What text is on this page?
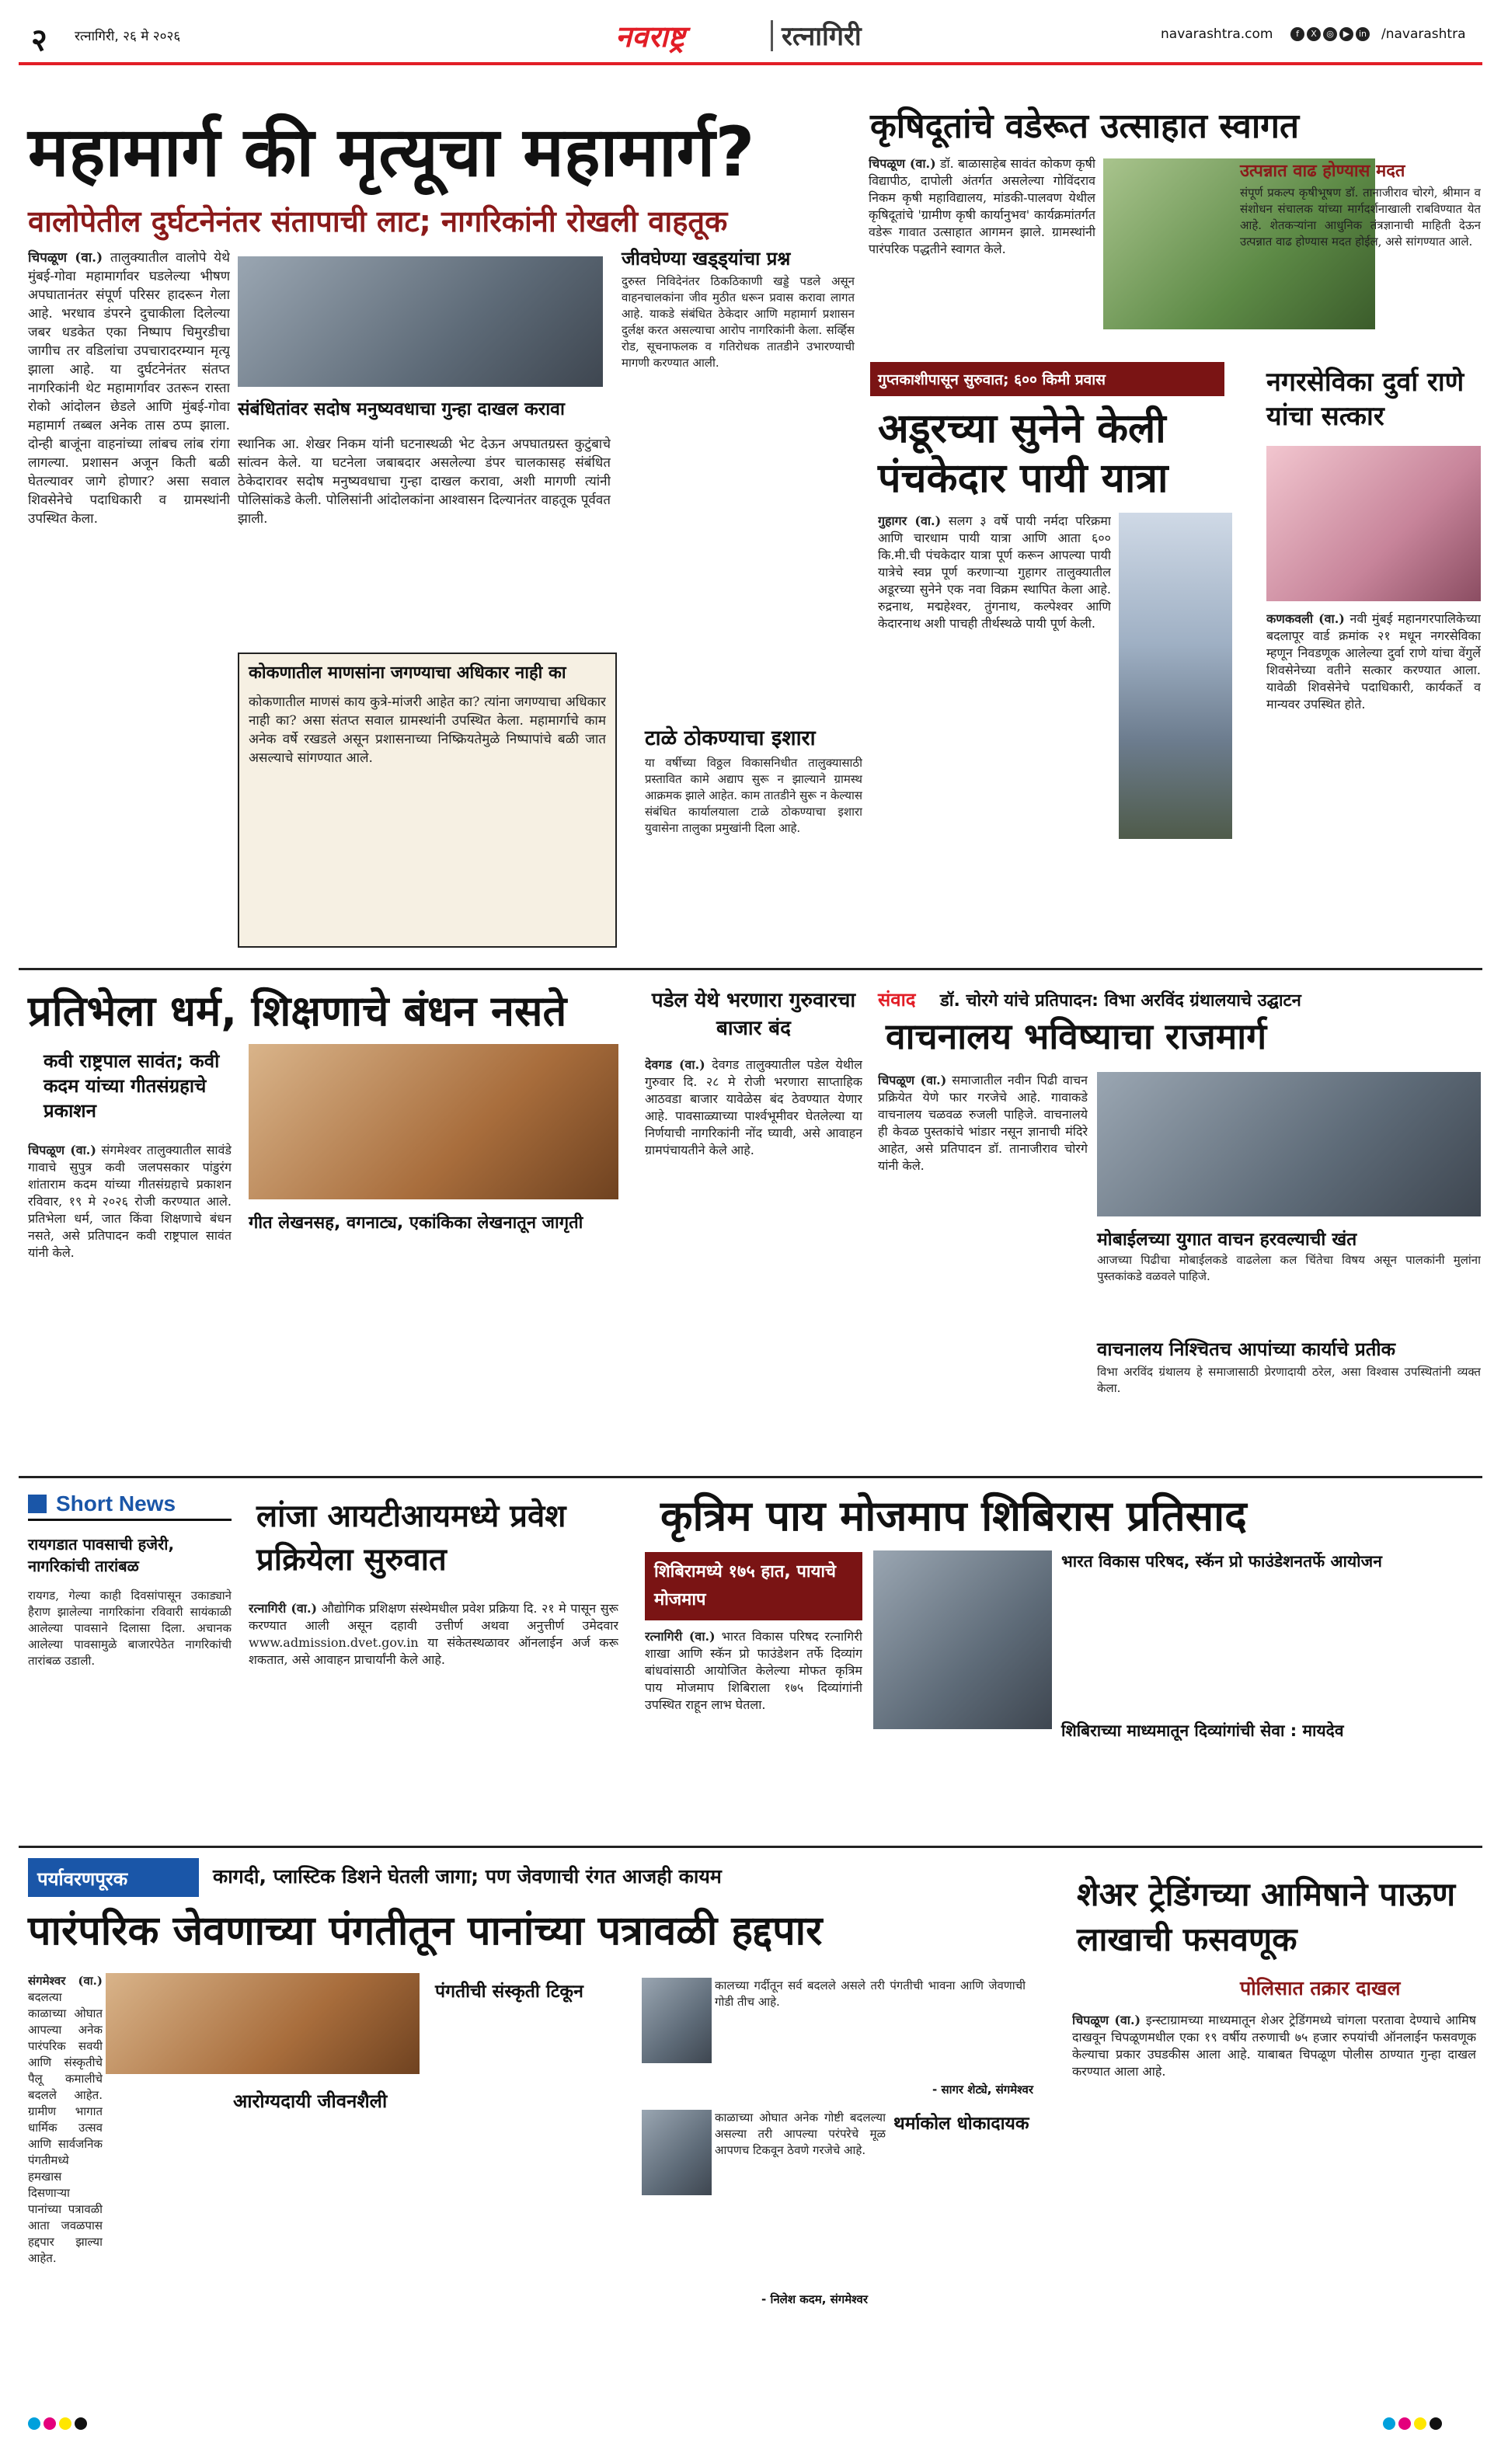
२ रत्नागिरी, २६ मे २०२६	नवराष्ट्र	रत्नागिरी	navarashtra.com	f X ◎ ▶ in /navarashtra
महामार्ग की मृत्यूचा महामार्ग?
वालोपेतील दुर्घटनेनंतर संतापाची लाट; नागरिकांनी रोखली वाहतूक

चिपळूण (वा.) तालुक्यातील वालोपे येथे मुंबई-गोवा महामार्गावर घडलेल्या भीषण अपघातानंतर संपूर्ण परिसर हादरून गेला आहे. भरधाव डंपरने दुचाकीला दिलेल्या जबर धडकेत एका निष्पाप चिमुरडीचा जागीच तर वडिलांचा उपचारादरम्यान मृत्यू झाला आहे. या दुर्घटनेनंतर संतप्त नागरिकांनी थेट महामार्गावर उतरून रास्ता रोको आंदोलन छेडले आणि मुंबई-गोवा महामार्ग तब्बल अनेक तास ठप्प झाला. दोन्ही बाजूंना वाहनांच्या लांबच लांब रांगा लागल्या. प्रशासन अजून किती बळी घेतल्यावर जागे होणार? असा सवाल शिवसेनेचे पदाधिकारी व ग्रामस्थांनी उपस्थित केला.

जीवघेण्या खड्ड्यांचा प्रश्न
दुरुस्त निविदेनंतर ठिकठिकाणी खड्डे पडले असून वाहनचालकांना जीव मुठीत धरून प्रवास करावा लागत आहे. याकडे संबंधित ठेकेदार आणि महामार्ग प्रशासन दुर्लक्ष करत असल्याचा आरोप नागरिकांनी केला. सर्व्हिस रोड, सूचनाफलक व गतिरोधक तातडीने उभारण्याची मागणी करण्यात आली.
संबंधितांवर सदोष मनुष्यवधाचा गुन्हा दाखल करावा
स्थानिक आ. शेखर निकम यांनी घटनास्थळी भेट देऊन अपघातग्रस्त कुटुंबाचे सांत्वन केले. या घटनेला जबाबदार असलेल्या डंपर चालकासह संबंधित ठेकेदारावर सदोष मनुष्यवधाचा गुन्हा दाखल करावा, अशी मागणी त्यांनी पोलिसांकडे केली. पोलिसांनी आंदोलकांना आश्वासन दिल्यानंतर वाहतूक पूर्ववत झाली.
कोकणातील माणसांना जगण्याचा अधिकार नाही का
कोकणातील माणसं काय कुत्रे-मांजरी आहेत का? त्यांना जगण्याचा अधिकार नाही का? असा संतप्त सवाल ग्रामस्थांनी उपस्थित केला. महामार्गाचे काम अनेक वर्षे रखडले असून प्रशासनाच्या निष्क्रियतेमुळे निष्पापांचे बळी जात असल्याचे सांगण्यात आले.
कृषिदूतांचे वडेरूत उत्साहात स्वागत
चिपळूण (वा.) डॉ. बाळासाहेब सावंत कोकण कृषी विद्यापीठ, दापोली अंतर्गत असलेल्या गोविंदराव निकम कृषी महाविद्यालय, मांडकी-पालवण येथील कृषिदूतांचे 'ग्रामीण कृषी कार्यानुभव' कार्यक्रमांतर्गत वडेरू गावात उत्साहात आगमन झाले. ग्रामस्थांनी पारंपरिक पद्धतीने स्वागत केले.
उत्पन्नात वाढ होण्यास मदत
संपूर्ण प्रकल्प कृषीभूषण डॉ. तानाजीराव चोरगे, श्रीमान व संशोधन संचालक यांच्या मार्गदर्शनाखाली राबविण्यात येत आहे. शेतकऱ्यांना आधुनिक तंत्रज्ञानाची माहिती देऊन उत्पन्नात वाढ होण्यास मदत होईल, असे सांगण्यात आले.
गुप्तकाशीपासून सुरुवात; ६०० किमी प्रवास
अडूरच्या सुनेने केली पंचकेदार पायी यात्रा
गुहागर (वा.) सलग ३ वर्षे पायी नर्मदा परिक्रमा आणि चारधाम पायी यात्रा आणि आता ६०० कि.मी.ची पंचकेदार यात्रा पूर्ण करून आपल्या पायी यात्रेचे स्वप्न पूर्ण करणाऱ्या गुहागर तालुक्यातील अडूरच्या सुनेने एक नवा विक्रम स्थापित केला आहे. रुद्रनाथ, मद्महेश्वर, तुंगनाथ, कल्पेश्वर आणि केदारनाथ अशी पाचही तीर्थस्थळे पायी पूर्ण केली.
नगरसेविका दुर्वा राणे यांचा सत्कार
कणकवली (वा.) नवी मुंबई महानगरपालिकेच्या बदलापूर वार्ड क्रमांक २१ मधून नगरसेविका म्हणून निवडणूक आलेल्या दुर्वा राणे यांचा वेंगुर्ले शिवसेनेच्या वतीने सत्कार करण्यात आला. यावेळी शिवसेनेचे पदाधिकारी, कार्यकर्ते व मान्यवर उपस्थित होते.
टाळे ठोकण्याचा इशारा
या वर्षीच्या विठ्ठल विकासनिधीत तालुक्यासाठी प्रस्तावित कामे अद्याप सुरू न झाल्याने ग्रामस्थ आक्रमक झाले आहेत. काम तातडीने सुरू न केल्यास संबंधित कार्यालयाला टाळे ठोकण्याचा इशारा युवासेना तालुका प्रमुखांनी दिला आहे.
प्रतिभेला धर्म, शिक्षणाचे बंधन नसते
कवी राष्ट्रपाल सावंत; कवी कदम यांच्या गीतसंग्रहाचे प्रकाशन
चिपळूण (वा.) संगमेश्वर तालुक्यातील सावंडे गावाचे सुपुत्र कवी जलपसकार पांडुरंग शांताराम कदम यांच्या गीतसंग्रहाचे प्रकाशन रविवार, १९ मे २०२६ रोजी करण्यात आले. प्रतिभेला धर्म, जात किंवा शिक्षणाचे बंधन नसते, असे प्रतिपादन कवी राष्ट्रपाल सावंत यांनी केले.
गीत लेखनसह, वगनाट्य, एकांकिका लेखनातून जागृती
पडेल येथे भरणारा गुरुवारचा बाजार बंद
देवगड (वा.) देवगड तालुक्यातील पडेल येथील गुरुवार दि. २८ मे रोजी भरणारा साप्ताहिक आठवडा बाजार यावेळेस बंद ठेवण्यात येणार आहे. पावसाळ्याच्या पार्श्वभूमीवर घेतलेल्या या निर्णयाची नागरिकांनी नोंद घ्यावी, असे आवाहन ग्रामपंचायतीने केले आहे.
संवाद डॉ. चोरगे यांचे प्रतिपादन: विभा अरविंद ग्रंथालयाचे उद्घाटन
वाचनालय भविष्याचा राजमार्ग
चिपळूण (वा.) समाजातील नवीन पिढी वाचन प्रक्रियेत येणे फार गरजेचे आहे. गावाकडे वाचनालय चळवळ रुजली पाहिजे. वाचनालये ही केवळ पुस्तकांचे भांडार नसून ज्ञानाची मंदिरे आहेत, असे प्रतिपादन डॉ. तानाजीराव चोरगे यांनी केले.
मोबाईलच्या युगात वाचन हरवल्याची खंत
आजच्या पिढीचा मोबाईलकडे वाढलेला कल चिंतेचा विषय असून पालकांनी मुलांना पुस्तकांकडे वळवले पाहिजे.
वाचनालय निश्चितच आपांच्या कार्याचे प्रतीक
विभा अरविंद ग्रंथालय हे समाजासाठी प्रेरणादायी ठरेल, असा विश्वास उपस्थितांनी व्यक्त केला.
Short News
रायगडात पावसाची हजेरी, नागरिकांची तारांबळ
रायगड, गेल्या काही दिवसांपासून उकाड्याने हैराण झालेल्या नागरिकांना रविवारी सायंकाळी आलेल्या पावसाने दिलासा दिला. अचानक आलेल्या पावसामुळे बाजारपेठेत नागरिकांची तारांबळ उडाली.
लांजा आयटीआयमध्ये प्रवेश प्रक्रियेला सुरुवात
रत्नागिरी (वा.) औद्योगिक प्रशिक्षण संस्थेमधील प्रवेश प्रक्रिया दि. २१ मे पासून सुरू करण्यात आली असून दहावी उत्तीर्ण अथवा अनुत्तीर्ण उमेदवार www.admission.dvet.gov.in या संकेतस्थळावर ऑनलाईन अर्ज करू शकतात, असे आवाहन प्राचार्यांनी केले आहे.
कृत्रिम पाय मोजमाप शिबिरास प्रतिसाद
शिबिरामध्ये १७५ हात, पायाचे मोजमाप
भारत विकास परिषद, स्कॅन प्रो फाउंडेशनतर्फे आयोजन
रत्नागिरी (वा.) भारत विकास परिषद रत्नागिरी शाखा आणि स्कॅन प्रो फाउंडेशन तर्फे दिव्यांग बांधवांसाठी आयोजित केलेल्या मोफत कृत्रिम पाय मोजमाप शिबिराला १७५ दिव्यांगांनी उपस्थित राहून लाभ घेतला.
शिबिराच्या माध्यमातून दिव्यांगांची सेवा : मायदेव
पर्यावरणपूरक	कागदी, प्लास्टिक डिशने घेतली जागा; पण जेवणाची रंगत आजही कायम
पारंपरिक जेवणाच्या पंगतीतून पानांच्या पत्रावळी हद्दपार
संगमेश्वर (वा.) बदलत्या काळाच्या ओघात आपल्या अनेक पारंपरिक सवयी आणि संस्कृतीचे पैलू कमालीचे बदलले आहेत. ग्रामीण भागात धार्मिक उत्सव आणि सार्वजनिक पंगतीमध्ये हमखास दिसणाऱ्या पानांच्या पत्रावळी आता जवळपास हद्दपार झाल्या आहेत.
पंगतीची संस्कृती टिकून
आरोग्यदायी जीवनशैली
कालच्या गर्दीतून सर्व बदलले असले तरी पंगतीची भावना आणि जेवणाची गोडी तीच आहे.
- सागर शेट्ये, संगमेश्वर
काळाच्या ओघात अनेक गोष्टी बदलल्या असल्या तरी आपल्या परंपरेचे मूळ आपणच टिकवून ठेवणे गरजेचे आहे.
- निलेश कदम, संगमेश्वर
थर्माकोल धोकादायक
शेअर ट्रेडिंगच्या आमिषाने पाऊण लाखाची फसवणूक
पोलिसात तक्रार दाखल
चिपळूण (वा.) इन्स्टाग्रामच्या माध्यमातून शेअर ट्रेडिंगमध्ये चांगला परतावा देण्याचे आमिष दाखवून चिपळूणमधील एका १९ वर्षीय तरुणाची ७५ हजार रुपयांची ऑनलाईन फसवणूक केल्याचा प्रकार उघडकीस आला आहे. याबाबत चिपळूण पोलीस ठाण्यात गुन्हा दाखल करण्यात आला आहे.
